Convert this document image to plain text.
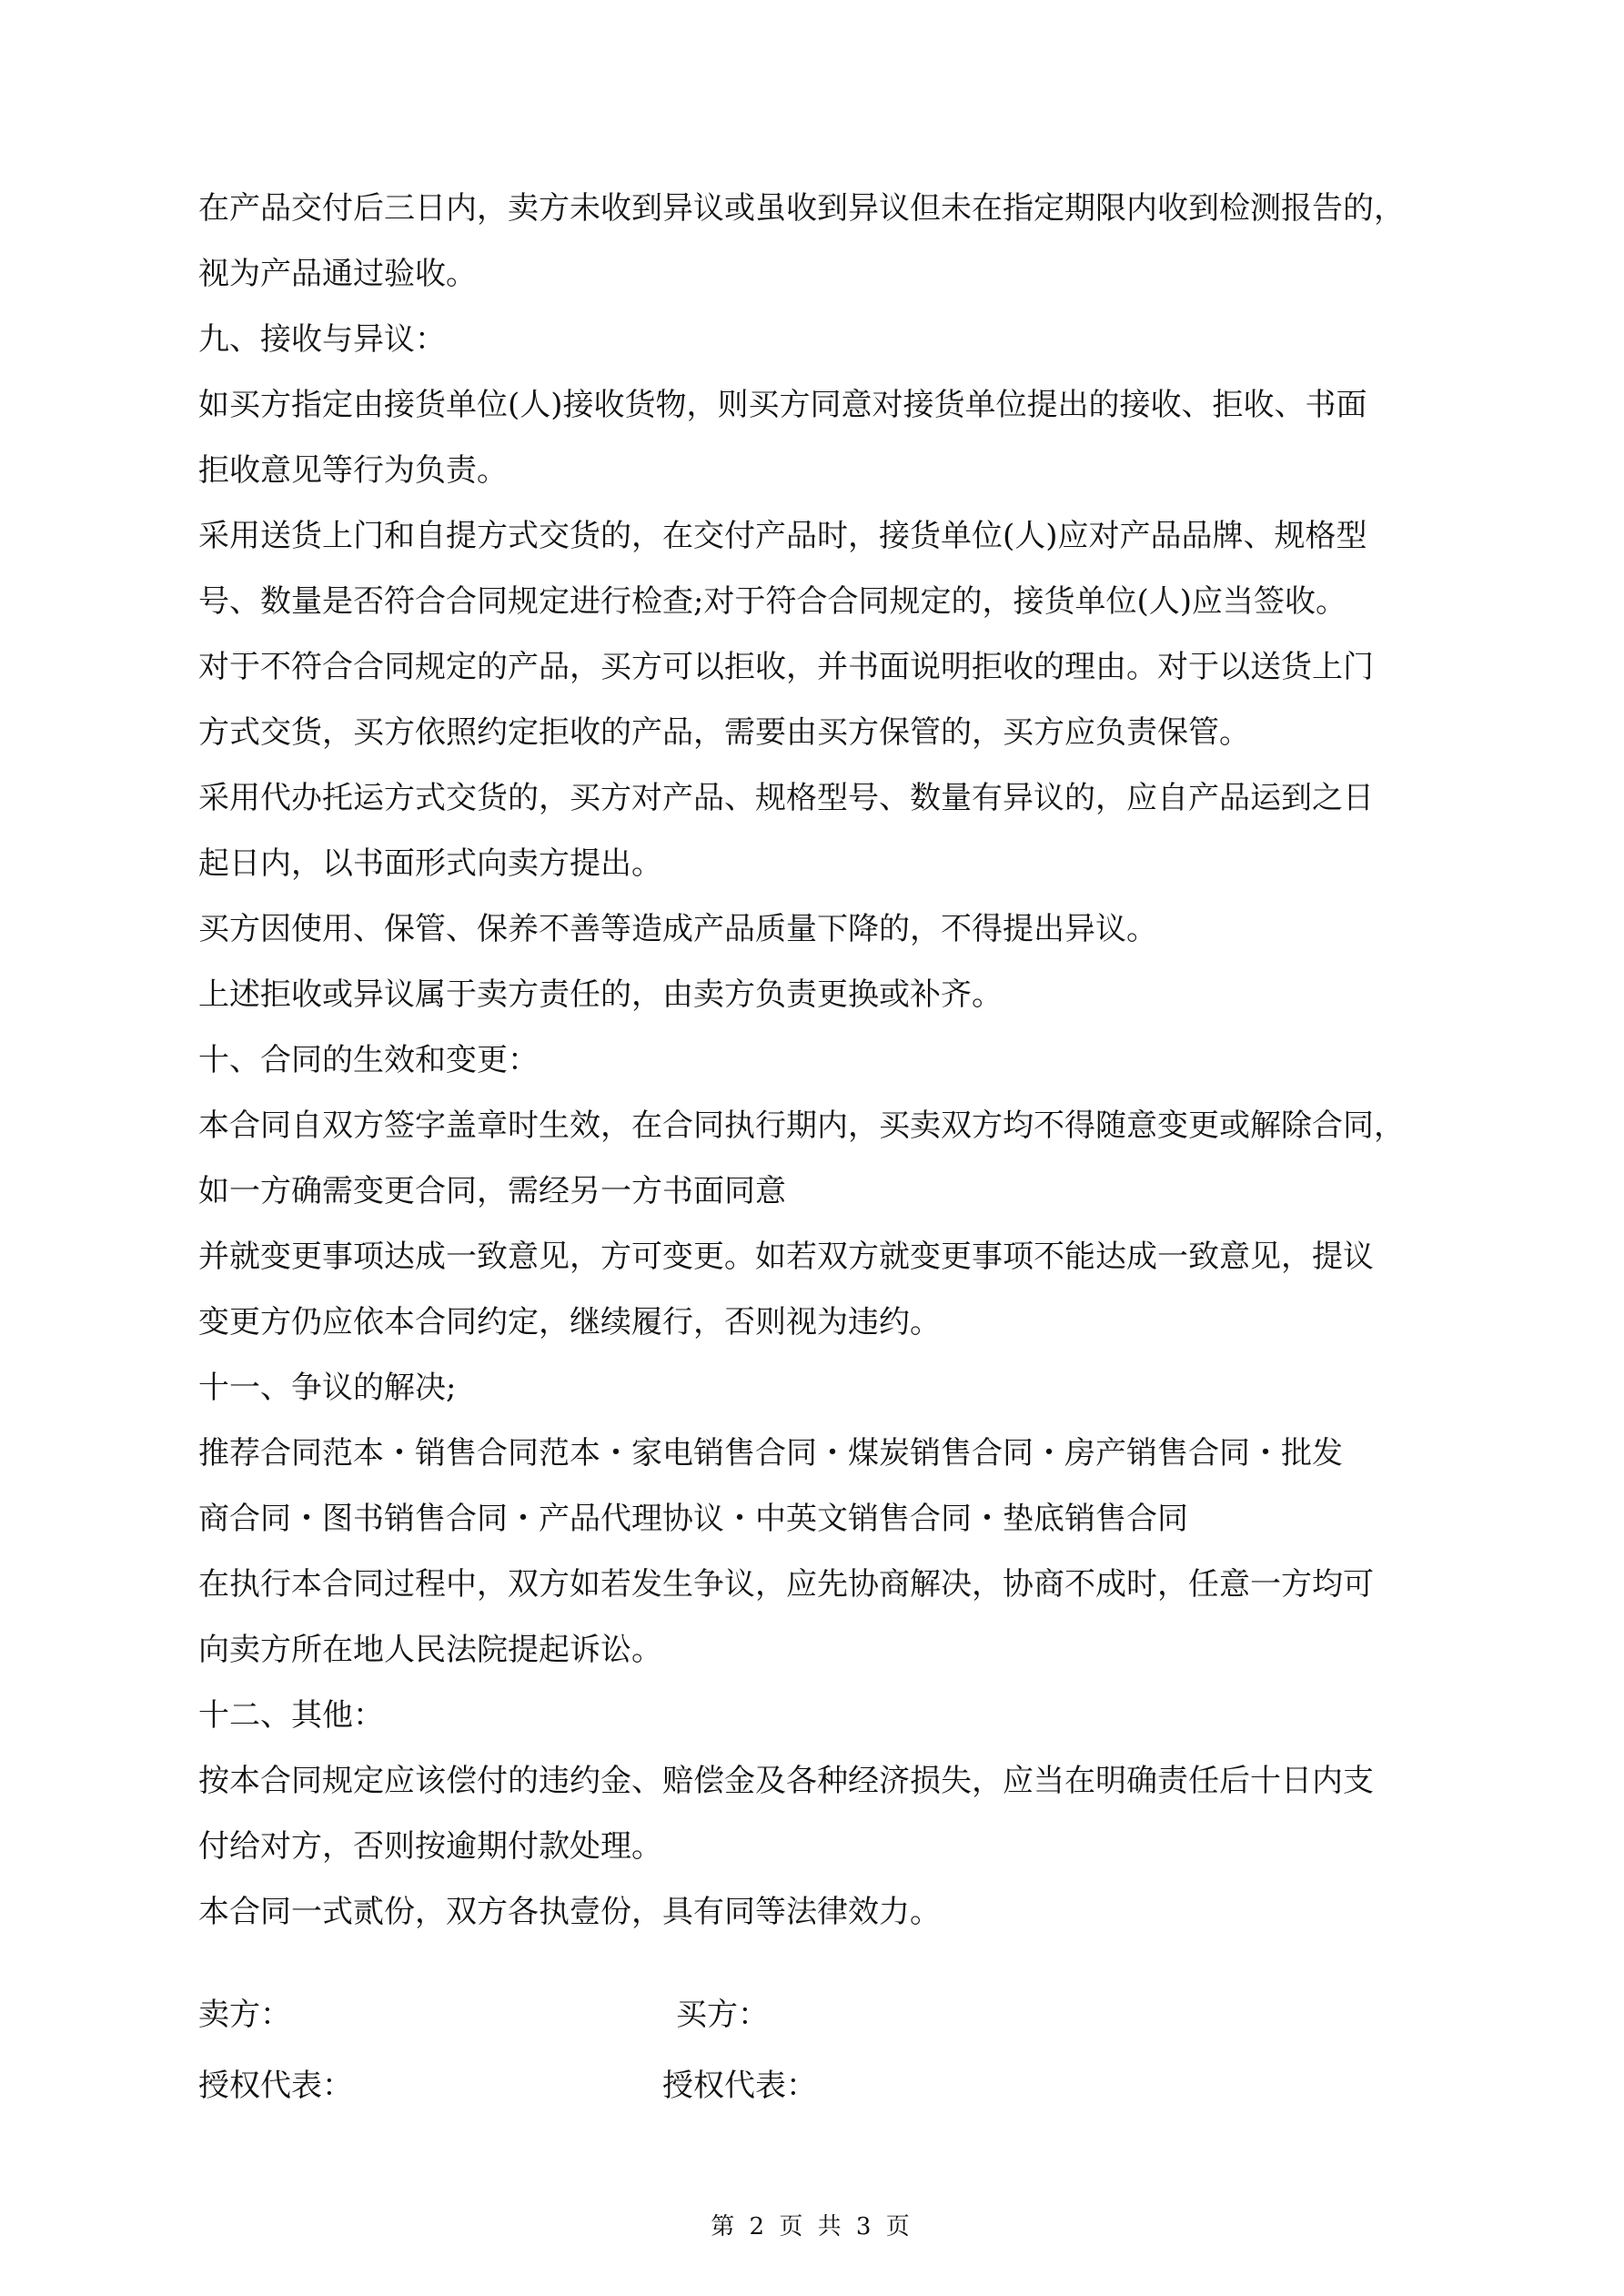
在产品交付后三日内，卖方未收到异议或虽收到异议但未在指定期限内收到检测报告的，

视为产品通过验收。

九、接收与异议：

如买方指定由接货单位(人)接收货物，则买方同意对接货单位提出的接收、拒收、书面

拒收意见等行为负责。

采用送货上门和自提方式交货的，在交付产品时，接货单位(人)应对产品品牌、规格型

号、数量是否符合合同规定进行检查;对于符合合同规定的，接货单位(人)应当签收。

对于不符合合同规定的产品，买方可以拒收，并书面说明拒收的理由。对于以送货上门

方式交货，买方依照约定拒收的产品，需要由买方保管的，买方应负责保管。

采用代办托运方式交货的，买方对产品、规格型号、数量有异议的，应自产品运到之日

起日内，以书面形式向卖方提出。

买方因使用、保管、保养不善等造成产品质量下降的，不得提出异议。

上述拒收或异议属于卖方责任的，由卖方负责更换或补齐。

十、合同的生效和变更：

本合同自双方签字盖章时生效，在合同执行期内，买卖双方均不得随意变更或解除合同，

如一方确需变更合同，需经另一方书面同意

并就变更事项达成一致意见，方可变更。如若双方就变更事项不能达成一致意见，提议

变更方仍应依本合同约定，继续履行，否则视为违约。

十一、争议的解决;

推荐合同范本・销售合同范本・家电销售合同・煤炭销售合同・房产销售合同・批发

商合同・图书销售合同・产品代理协议・中英文销售合同・垫底销售合同

在执行本合同过程中，双方如若发生争议，应先协商解决，协商不成时，任意一方均可

向卖方所在地人民法院提起诉讼。

十二、其他：

按本合同规定应该偿付的违约金、赔偿金及各种经济损失，应当在明确责任后十日内支

付给对方，否则按逾期付款处理。

本合同一式贰份，双方各执壹份，具有同等法律效力。

卖方：	买方：
授权代表：	授权代表：
第 2 页 共 3 页
